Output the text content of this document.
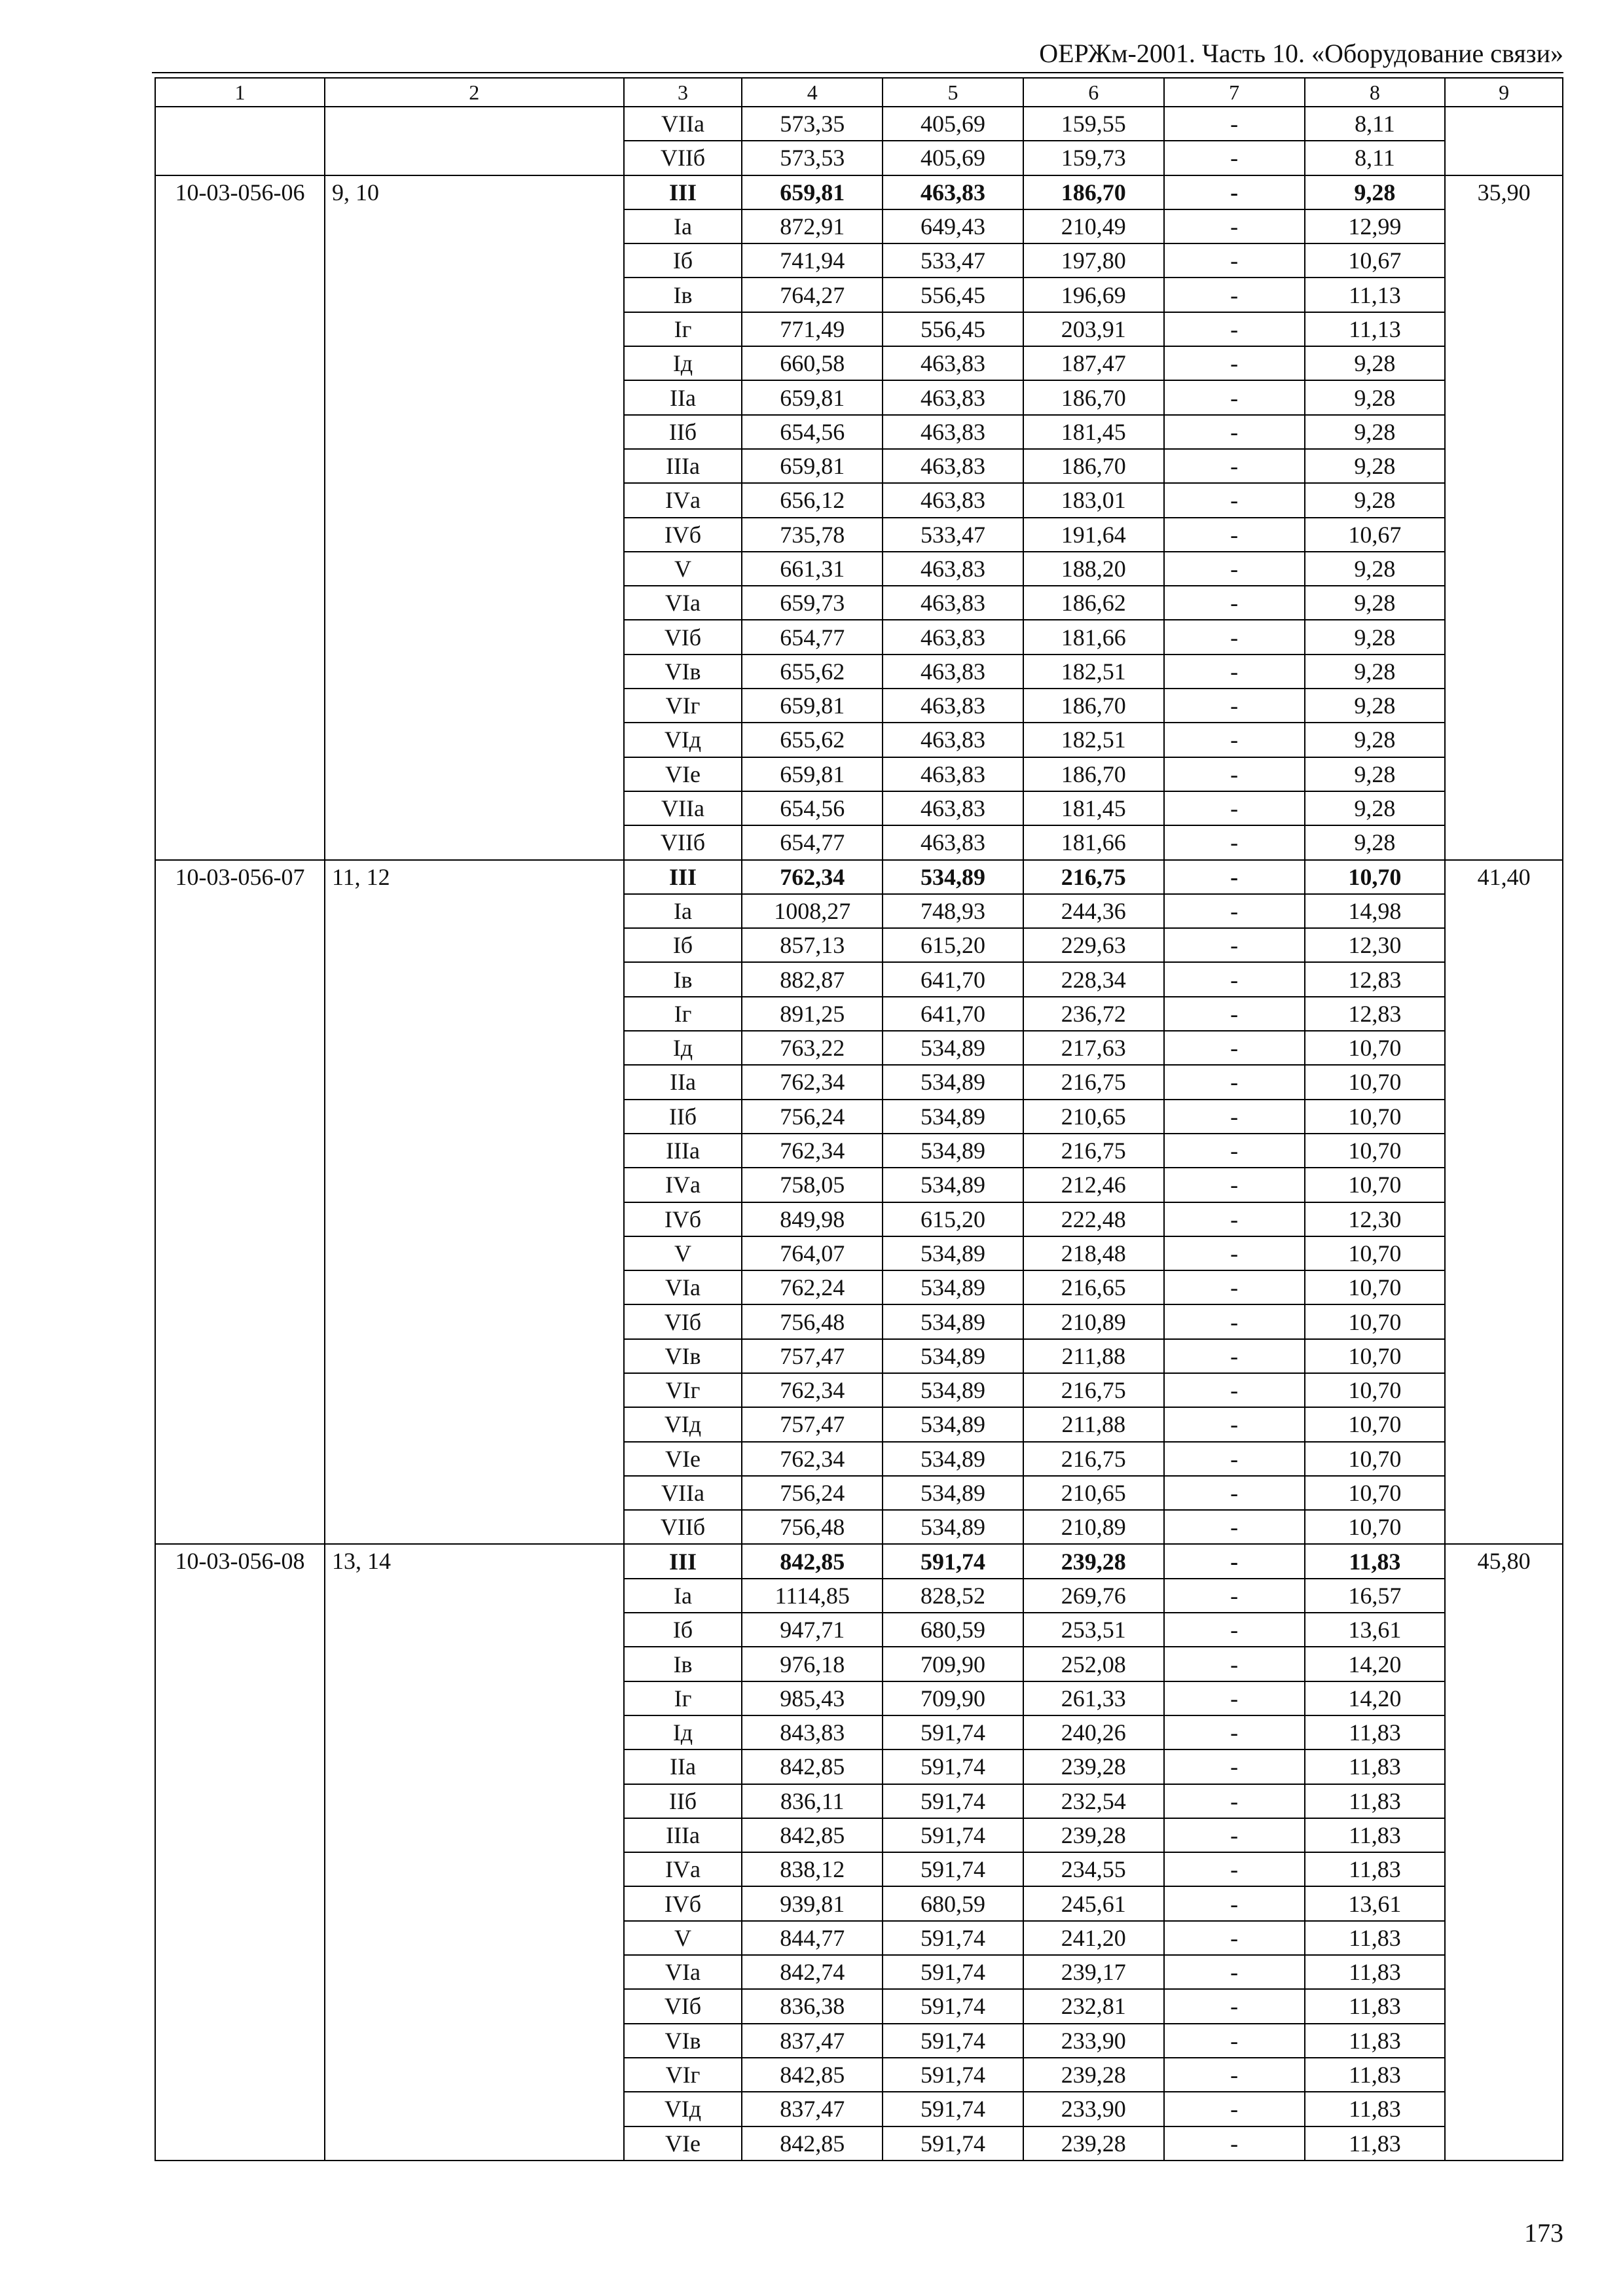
ОЕРЖм-2001. Часть 10. «Оборудование связи»
1	2	3	4	5	6	7	8	9
		VIIа	573,35	405,69	159,55	-	8,11	
		VIIб	573,53	405,69	159,73	-	8,11	
10-03-056-06	9, 10	III	659,81	463,83	186,70	-	9,28	35,90
		Iа	872,91	649,43	210,49	-	12,99	
		Iб	741,94	533,47	197,80	-	10,67	
		Iв	764,27	556,45	196,69	-	11,13	
		Iг	771,49	556,45	203,91	-	11,13	
		Iд	660,58	463,83	187,47	-	9,28	
		IIа	659,81	463,83	186,70	-	9,28	
		IIб	654,56	463,83	181,45	-	9,28	
		IIIа	659,81	463,83	186,70	-	9,28	
		IVа	656,12	463,83	183,01	-	9,28	
		IVб	735,78	533,47	191,64	-	10,67	
		V	661,31	463,83	188,20	-	9,28	
		VIа	659,73	463,83	186,62	-	9,28	
		VIб	654,77	463,83	181,66	-	9,28	
		VIв	655,62	463,83	182,51	-	9,28	
		VIг	659,81	463,83	186,70	-	9,28	
		VIд	655,62	463,83	182,51	-	9,28	
		VIе	659,81	463,83	186,70	-	9,28	
		VIIа	654,56	463,83	181,45	-	9,28	
		VIIб	654,77	463,83	181,66	-	9,28	
10-03-056-07	11, 12	III	762,34	534,89	216,75	-	10,70	41,40
		Iа	1008,27	748,93	244,36	-	14,98	
		Iб	857,13	615,20	229,63	-	12,30	
		Iв	882,87	641,70	228,34	-	12,83	
		Iг	891,25	641,70	236,72	-	12,83	
		Iд	763,22	534,89	217,63	-	10,70	
		IIа	762,34	534,89	216,75	-	10,70	
		IIб	756,24	534,89	210,65	-	10,70	
		IIIа	762,34	534,89	216,75	-	10,70	
		IVа	758,05	534,89	212,46	-	10,70	
		IVб	849,98	615,20	222,48	-	12,30	
		V	764,07	534,89	218,48	-	10,70	
		VIа	762,24	534,89	216,65	-	10,70	
		VIб	756,48	534,89	210,89	-	10,70	
		VIв	757,47	534,89	211,88	-	10,70	
		VIг	762,34	534,89	216,75	-	10,70	
		VIд	757,47	534,89	211,88	-	10,70	
		VIе	762,34	534,89	216,75	-	10,70	
		VIIа	756,24	534,89	210,65	-	10,70	
		VIIб	756,48	534,89	210,89	-	10,70	
10-03-056-08	13, 14	III	842,85	591,74	239,28	-	11,83	45,80
		Iа	1114,85	828,52	269,76	-	16,57	
		Iб	947,71	680,59	253,51	-	13,61	
		Iв	976,18	709,90	252,08	-	14,20	
		Iг	985,43	709,90	261,33	-	14,20	
		Iд	843,83	591,74	240,26	-	11,83	
		IIа	842,85	591,74	239,28	-	11,83	
		IIб	836,11	591,74	232,54	-	11,83	
		IIIа	842,85	591,74	239,28	-	11,83	
		IVа	838,12	591,74	234,55	-	11,83	
		IVб	939,81	680,59	245,61	-	13,61	
		V	844,77	591,74	241,20	-	11,83	
		VIа	842,74	591,74	239,17	-	11,83	
		VIб	836,38	591,74	232,81	-	11,83	
		VIв	837,47	591,74	233,90	-	11,83	
		VIг	842,85	591,74	239,28	-	11,83	
		VIд	837,47	591,74	233,90	-	11,83	
		VIе	842,85	591,74	239,28	-	11,83	
173
